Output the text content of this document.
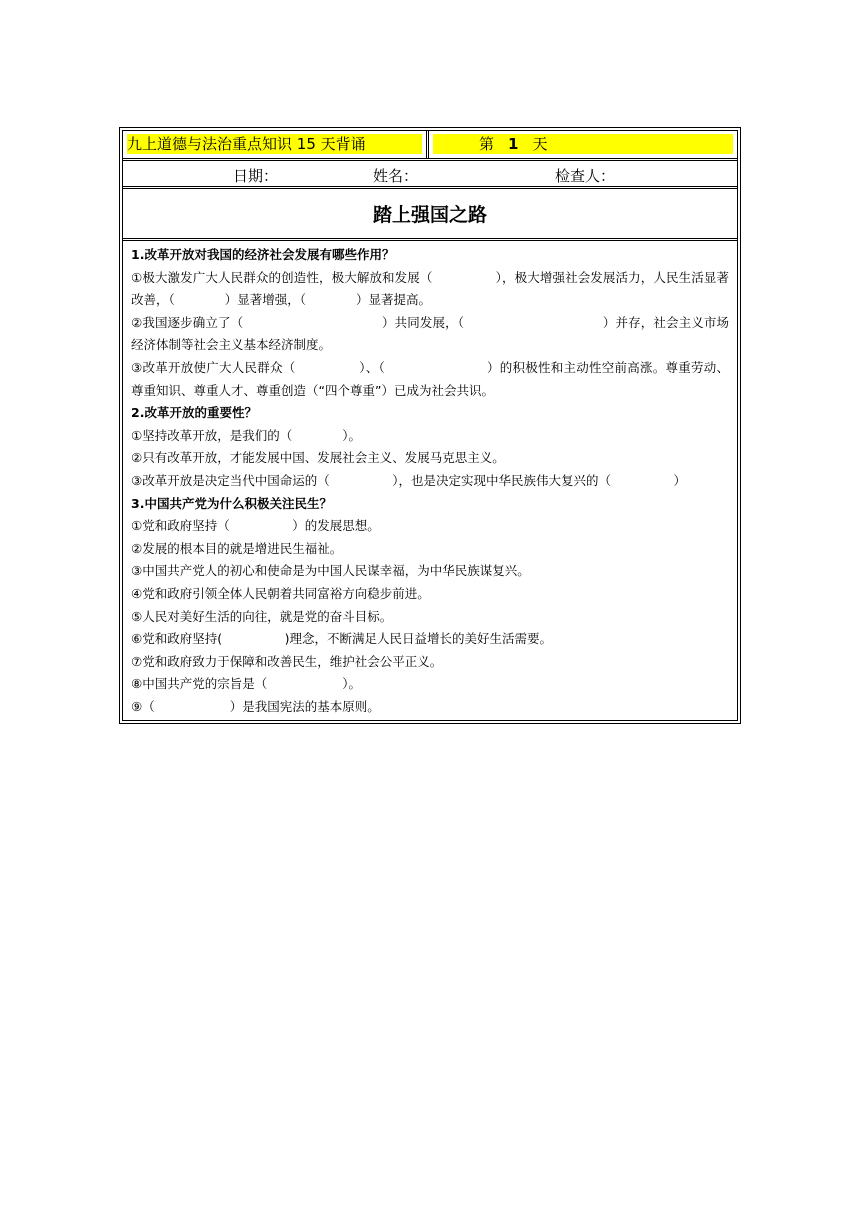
九上道德与法治重点知识 15 天背诵	第 1 天
日期：	姓名：	检查人：
踏上强国之路

1.改革开放对我国的经济社会发展有哪些作用？

①极大激发广大人民群众的创造性，极大解放和发展（　　　　　），极大增强社会发展活力，人民生活显著改善，（　　　　）显著增强，（　　　　）显著提高。

②我国逐步确立了（　　　　　　　　　　　）共同发展，（　　　　　　　　　　　）并存，社会主义市场经济体制等社会主义基本经济制度。

③改革开放使广大人民群众（　　　　　）、（　　　　　　　　）的积极性和主动性空前高涨。尊重劳动、尊重知识、尊重人才、尊重创造（“四个尊重”）已成为社会共识。

2.改革开放的重要性？

①坚持改革开放，是我们的（　　　　）。

②只有改革开放，才能发展中国、发展社会主义、发展马克思主义。

③改革开放是决定当代中国命运的（　　　　　），也是决定实现中华民族伟大复兴的（　　　　　）

3.中国共产党为什么积极关注民生？

①党和政府坚持（　　　　　）的发展思想。

②发展的根本目的就是增进民生福祉。

③中国共产党人的初心和使命是为中国人民谋幸福，为中华民族谋复兴。

④党和政府引领全体人民朝着共同富裕方向稳步前进。

⑤人民对美好生活的向往，就是党的奋斗目标。

⑥党和政府坚持(　　　　　)理念，不断满足人民日益增长的美好生活需要。

⑦党和政府致力于保障和改善民生，维护社会公平正义。

⑧中国共产党的宗旨是（　　　　　　）。

⑨（　　　　　　）是我国宪法的基本原则。
